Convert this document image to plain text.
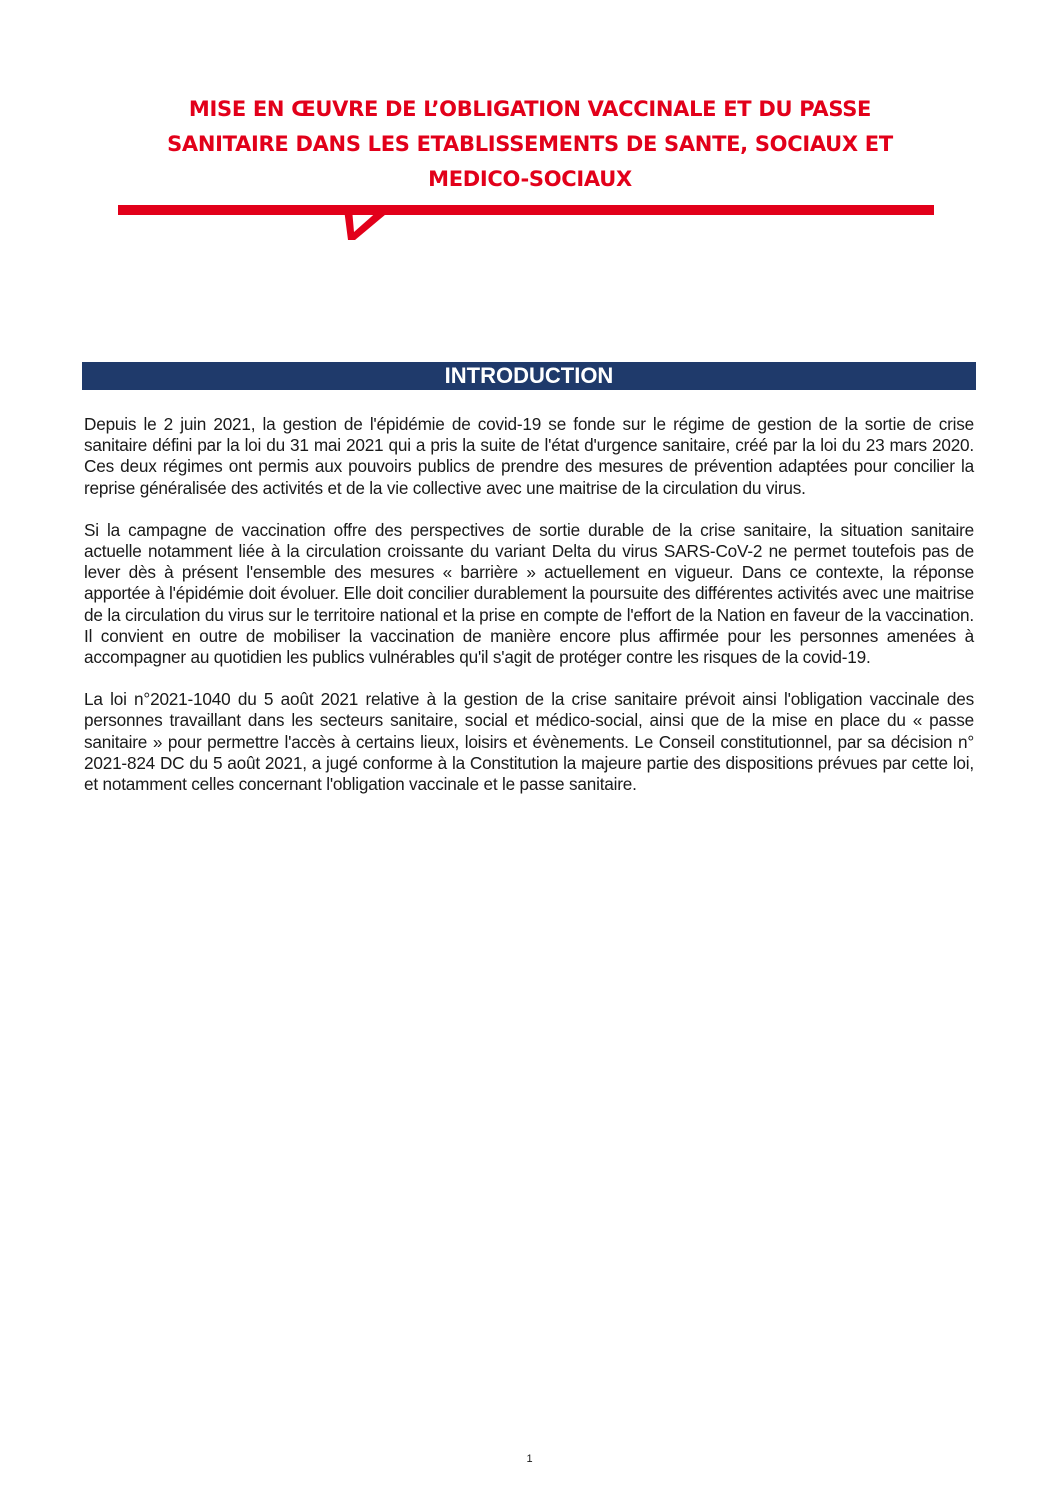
MISE EN ŒUVRE DE L’OBLIGATION VACCINALE ET DU PASSE
SANITAIRE DANS LES ETABLISSEMENTS DE SANTE, SOCIAUX ET
MEDICO-SOCIAUX
INTRODUCTION

Depuis le 2 juin 2021, la gestion de l'épidémie de covid-19 se fonde sur le régime de gestion de la sortie de crise sanitaire défini par la loi du 31 mai 2021 qui a pris la suite de l'état d'urgence sanitaire, créé par la loi du 23 mars 2020. Ces deux régimes ont permis aux pouvoirs publics de prendre des mesures de prévention adaptées pour concilier la reprise généralisée des activités et de la vie collective avec une maitrise de la circulation du virus.

Si la campagne de vaccination offre des perspectives de sortie durable de la crise sanitaire, la situation sanitaire actuelle notamment liée à la circulation croissante du variant Delta du virus SARS-CoV-2 ne permet toutefois pas de lever dès à présent l'ensemble des mesures « barrière » actuellement en vigueur. Dans ce contexte, la réponse apportée à l'épidémie doit évoluer. Elle doit concilier durablement la poursuite des différentes activités avec une maitrise de la circulation du virus sur le territoire national et la prise en compte de l'effort de la Nation en faveur de la vaccination. Il convient en outre de mobiliser la vaccination de manière encore plus affirmée pour les personnes amenées à accompagner au quotidien les publics vulnérables qu'il s'agit de protéger contre les risques de la covid-19.

La loi n°2021-1040 du 5 août 2021 relative à la gestion de la crise sanitaire prévoit ainsi l'obligation vaccinale des personnes travaillant dans les secteurs sanitaire, social et médico-social, ainsi que de la mise en place du « passe sanitaire » pour permettre l'accès à certains lieux, loisirs et évènements. Le Conseil constitutionnel, par sa décision n° 2021-824 DC du 5 août 2021, a jugé conforme à la Constitution la majeure partie des dispositions prévues par cette loi, et notamment celles concernant l'obligation vaccinale et le passe sanitaire.

1
